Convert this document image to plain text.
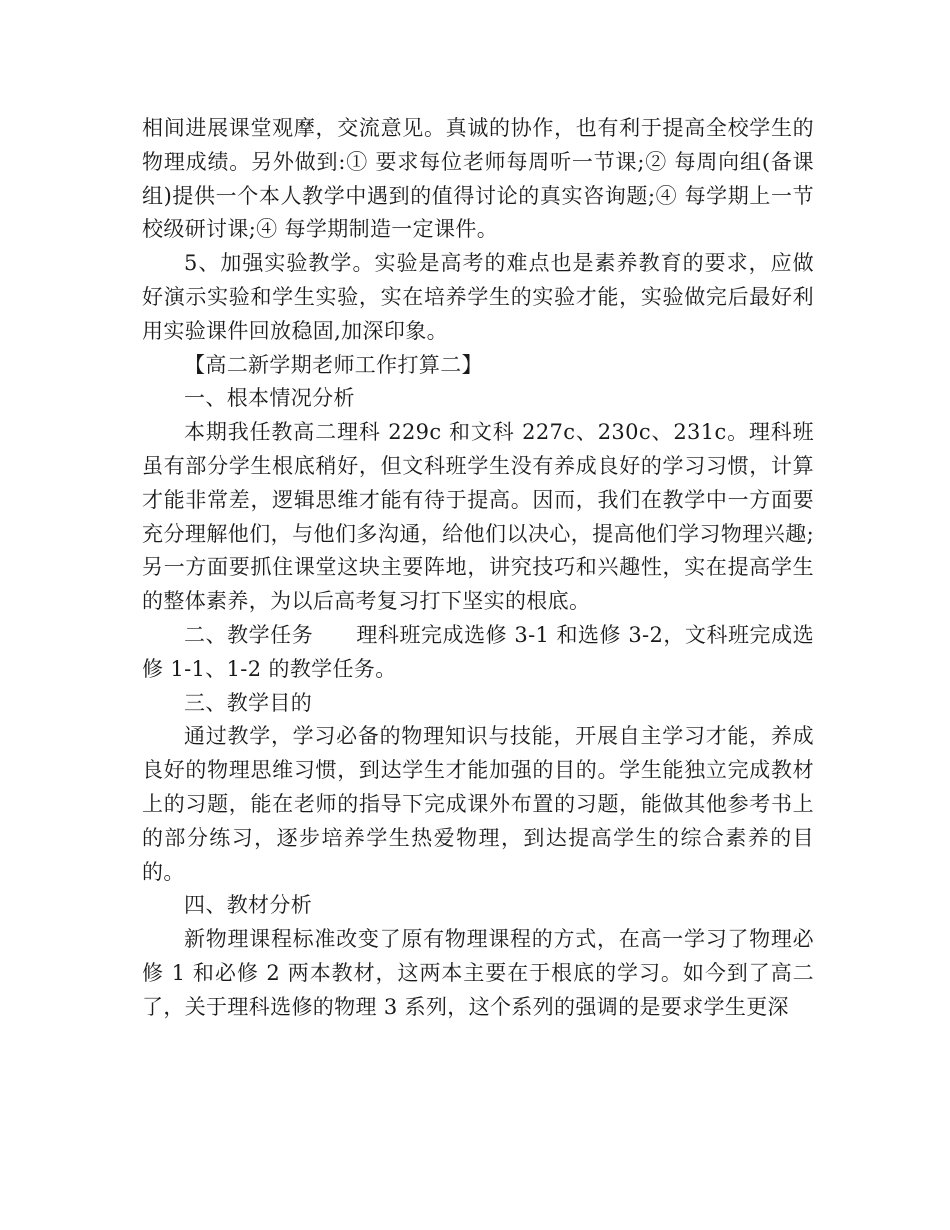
相间进展课堂观摩，交流意见。真诚的协作，也有利于提高全校学生的物理成绩。另外做到:① 要求每位老师每周听一节课;② 每周向组(备课组)提供一个本人教学中遇到的值得讨论的真实咨询题;④ 每学期上一节校级研讨课;④ 每学期制造一定课件。

5、加强实验教学。实验是高考的难点也是素养教育的要求，应做好演示实验和学生实验，实在培养学生的实验才能，实验做完后最好利用实验课件回放稳固,加深印象。

【高二新学期老师工作打算二】

一、根本情况分析

本期我任教高二理科 229c 和文科 227c、230c、231c。理科班虽有部分学生根底稍好，但文科班学生没有养成良好的学习习惯，计算才能非常差，逻辑思维才能有待于提高。因而，我们在教学中一方面要充分理解他们，与他们多沟通，给他们以决心，提高他们学习物理兴趣;另一方面要抓住课堂这块主要阵地，讲究技巧和兴趣性，实在提高学生的整体素养，为以后高考复习打下坚实的根底。

二、教学任务　　理科班完成选修 3-1 和选修 3-2，文科班完成选修 1-1、1-2 的教学任务。

三、教学目的

通过教学，学习必备的物理知识与技能，开展自主学习才能，养成良好的物理思维习惯，到达学生才能加强的目的。学生能独立完成教材上的习题，能在老师的指导下完成课外布置的习题，能做其他参考书上的部分练习，逐步培养学生热爱物理，到达提高学生的综合素养的目的。

四、教材分析

新物理课程标准改变了原有物理课程的方式，在高一学习了物理必修 1 和必修 2 两本教材，这两本主要在于根底的学习。如今到了高二了，关于理科选修的物理 3 系列，这个系列的强调的是要求学生更深
